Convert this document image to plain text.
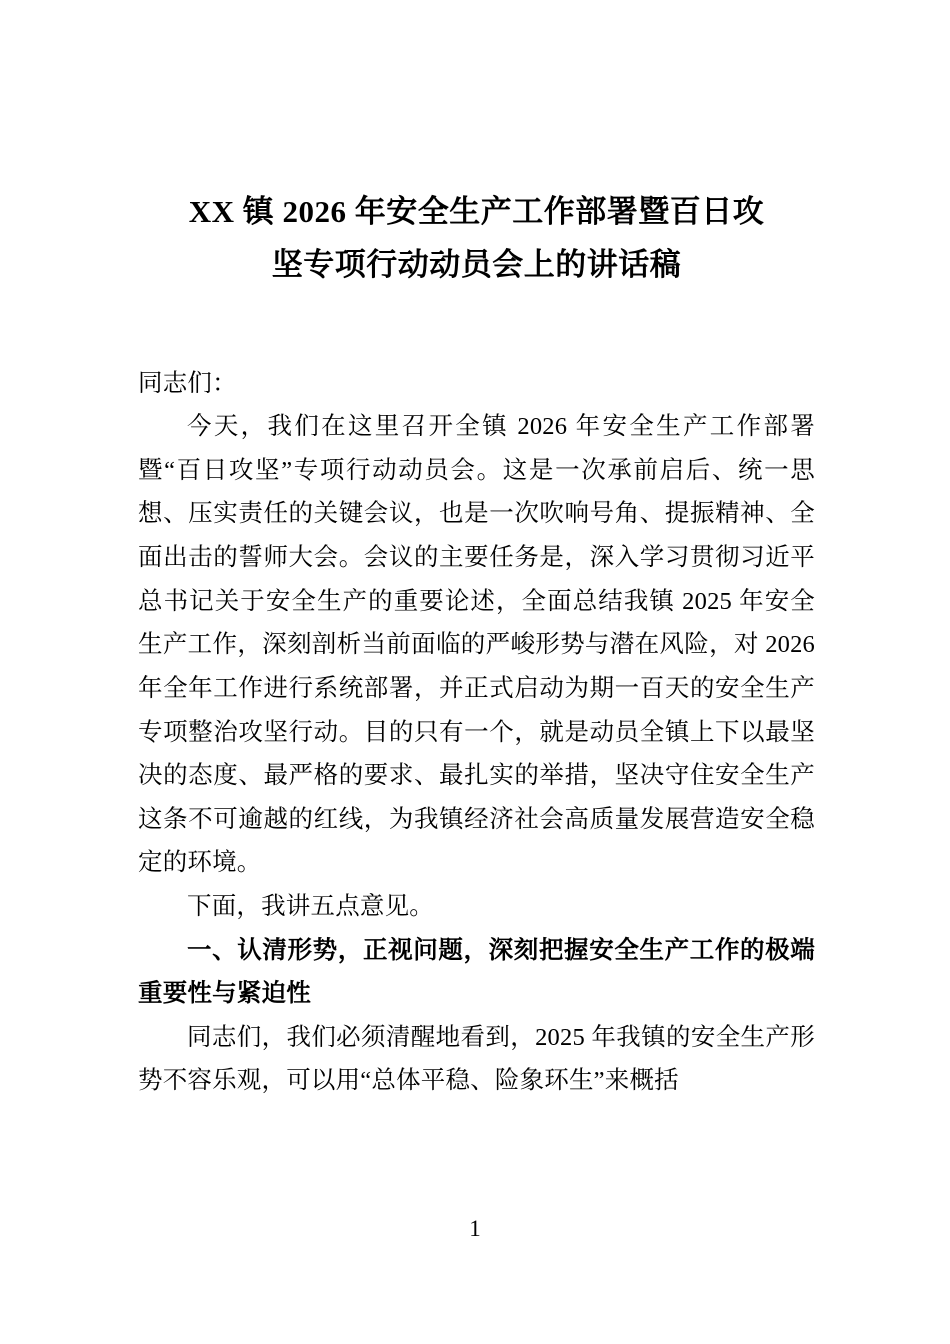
XX 镇 2026 年安全生产工作部署暨百日攻
坚专项行动动员会上的讲话稿

同志们：

今天，我们在这里召开全镇 2026 年安全生产工作部署暨“百日攻坚”专项行动动员会。这是一次承前启后、统一思想、压实责任的关键会议，也是一次吹响号角、提振精神、全面出击的誓师大会。会议的主要任务是，深入学习贯彻习近平总书记关于安全生产的重要论述，全面总结我镇 2025 年安全生产工作，深刻剖析当前面临的严峻形势与潜在风险，对 2026 年全年工作进行系统部署，并正式启动为期一百天的安全生产专项整治攻坚行动。目的只有一个，就是动员全镇上下以最坚决的态度、最严格的要求、最扎实的举措，坚决守住安全生产这条不可逾越的红线，为我镇经济社会高质量发展营造安全稳定的环境。

下面，我讲五点意见。

一、认清形势，正视问题，深刻把握安全生产工作的极端重要性与紧迫性

同志们，我们必须清醒地看到，2025 年我镇的安全生产形势不容乐观，可以用“总体平稳、险象环生”来概括

1
